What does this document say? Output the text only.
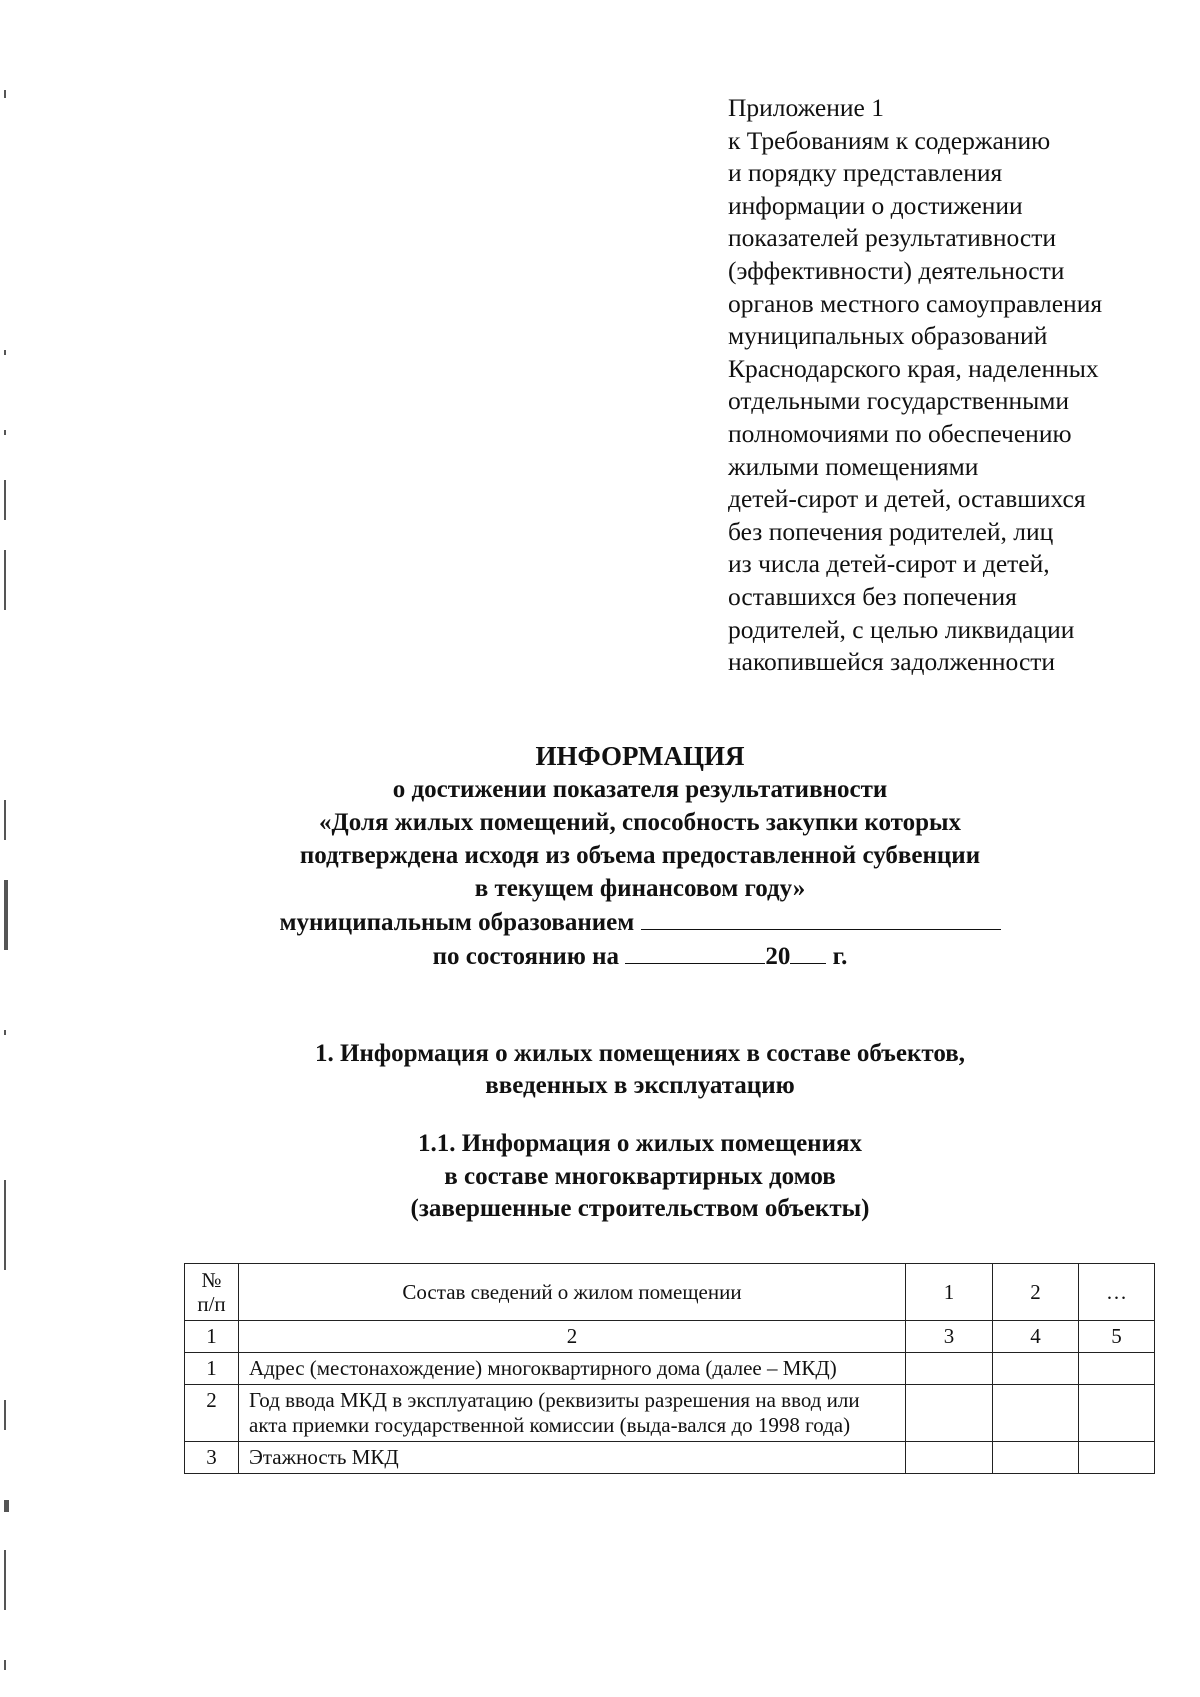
Приложение 1
к Требованиям к содержанию
и порядку представления
информации о достижении
показателей результативности
(эффективности) деятельности
органов местного самоуправления
муниципальных образований
Краснодарского края, наделенных
отдельными государственными
полномочиями по обеспечению
жилыми помещениями
детей-сирот и детей, оставшихся
без попечения родителей, лиц
из числа детей-сирот и детей,
оставшихся без попечения
родителей, с целью ликвидации
накопившейся задолженности
ИНФОРМАЦИЯ
о достижении показателя результативности
«Доля жилых помещений, способность закупки которых
подтверждена исходя из объема предоставленной субвенции
в текущем финансовом году»
муниципальным образованием
по состоянию на	20 г.
1. Информация о жилых помещениях в составе объектов,
введенных в эксплуатацию
1.1. Информация о жилых помещениях
в составе многоквартирных домов
(завершенные строительством объекты)
№
п/п	Состав сведений о жилом помещении	1	2	…
1	2	3	4	5
1	Адрес (местонахождение) многоквартирного дома (далее – МКД)			
2	Год ввода МКД в эксплуатацию (реквизиты разрешения на ввод или акта приемки государственной комиссии (выда-вался до 1998 года)			
3	Этажность МКД			
